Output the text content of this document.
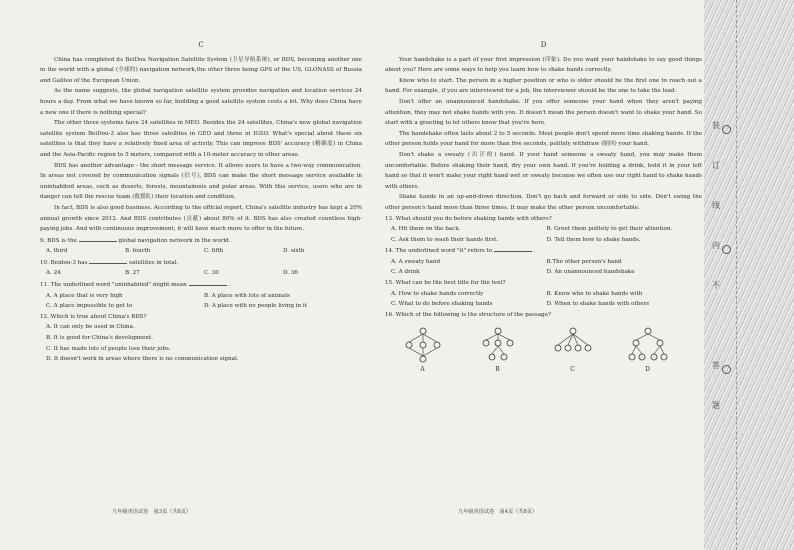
C

China has completed its BeiDou Navigation Satellite System (卫星导航系统), or BDS, becoming another one in the world with a global (全球的) navigation network,the other three being GPS of the US, GLONASS of Russia and Galileo of the European Union.

As the name suggests, the global navigation satellite system provides navigation and location services 24 hours a day. From what we have known so far, building a good satellite system costs a lot. Why does China have a new one if there is nothing special?

The other three systems have 24 satellites in MEO. Besides the 24 satellites, China's new global navigation satellite system BeiDou-3 also has three satellites in GEO and three in IGSO. What's special about these six satellites is that they have a relatively fixed area of activity. This can improve BDS' accuracy (精确度) in China and the Asia-Pacific region to 5 meters, compared with a 10-meter accuracy in other areas.

BDS has another advantage - the short message service. It allows users to have a two-way communication. In areas not covered by communication signals (信号), BDS can make the short message service available in uninhabited areas, such as deserts, forests, mountainous and polar areas. With this service, users who are in danger can tell the rescue team (救援队) their location and condition.

In fact, BDS is also good business. According to the official report, China's satellite industry has kept a 20% annual growth since 2012. And BDS contributes (贡献) about 80% of it. BDS has also created countless high-paying jobs. And with continuous improvement, it will have much more to offer in the future.

9. BDS is the	global navigation network in the world.
A. third	B. fourth	C. fifth	D. sixth
10. Beidou-3 has	satellites in total.
A. 24	B. 27	C. 30	D. 36
11. The underlined word "uninhabited" might mean	.
A. A place that is very high	B. A place with lots of animals
C. A place impossible to get to	D. A place with no people living in it
12. Which is true about China's BDS?
A. It can only be used in China.
B. It is good for China's development.
C. It has made lots of people lose their jobs.
D. It doesn't work in areas where there is no communication signal.
D

Your handshake is a part of your first impression (印象). Do you want your handshake to say good things about you? Here are some ways to help you learn how to shake hands correctly.

Know who to start. The person in a higher position or who is older should be the first one to reach out a hand. For example, if you are interviewed for a job, the interviewer should be the one to take the lead.

Don't offer an unannounced handshake. If you offer someone your hand when they aren't paying attention, they may not shake hands with you. It doesn't mean the person doesn't want to shake your hand. So start with a greeting to let others know that you're here.

The handshake often lasts about 2 to 5 seconds. Most people don't spend more time shaking hands. If the other person holds your hand for more than five seconds, politely withdraw (缩回) your hand.

Don't shake a sweaty (出汗的) hand. If your hand someone a sweaty hand, you may make them uncomfortable. Before shaking their hand, dry your own hand. If you're holding a drink, hold it in your left hand so that it won't make your right hand wet or sweaty because we often use our right hand to shake hands with others.

Shake hands in an up-and-down direction. Don't go back and forward or side to side. Don't swing the other person's hand more than three times. It may make the other person uncomfortable.

13. What should you do before shaking hands with others?
A. Hit them on the back.	B. Greet them politely to get their attention.
C. Ask them to wash their hands first.	D. Tell them how to shake hands.
14. The underlined word "it" refers to	.
A. A sweaty hand	B.The other person's hand
C. A drink	D. An unannounced handshake
15. What can be the best title for the text?
A. How to shake hands correctly	B. Know who to shake hands with
C. What to do before shaking hands	D. When to shake hands with others
16. Which of the following is the structure of the passage?
A	B	C	D
九年级英语试卷　第3页（共8页）	九年级英语试卷　第4页（共8页）
装
订
线
内
不
答
题
